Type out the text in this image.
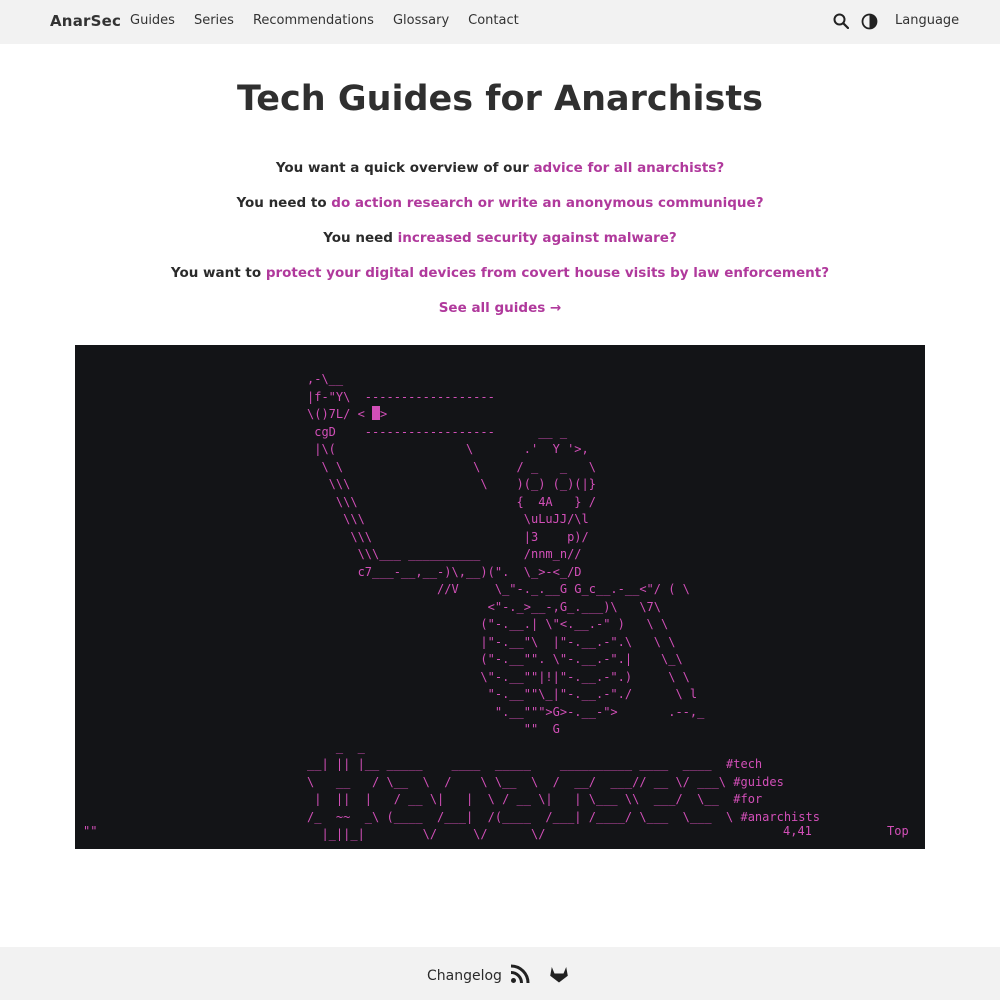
AnarSec Guides Series Recommendations Glossary Contact	Language
Tech Guides for Anarchists
You want a quick overview of our advice for all anarchists?
You need to do action research or write an anonymous communique?
You need increased security against malware?
You want to protect your digital devices from covert house visits by law enforcement?
See all guides →
,-\__
|f-"Y\  ------------------
\()7L/ < >
cgD    ------------------      __ _
|\(                  \       .'  Y '>,
\ \                  \     / _   _   \
\\\                  \    )(_) (_)(|}
\\\                      {  4A   } /
\\\                      \uLuJJ/\l
\\\                     |3    p)/
\\\___ __________      /nnm_n//
c7___-__,__-)\,__)(".  \_>-<_/D
//V     \_"-._.__G G_c__.-__<"/ ( \
<"-._>__-,G_.___)\   \7\
("-.__.| \"<.__.-" )   \ \
|"-.__"\  |"-.__.-".\   \ \
("-.__"". \"-.__.-".|    \_\
\"-.__""|!|"-.__.-".)     \ \
"-.__""\_|"-.__.-"./      \ l
".__""">G>-.__-">       .--,_
""  G
_  _
__| || |__ _____    ____  _____    __________ ____  ____  #tech
\   __   / \__  \  /    \ \__  \  /  __/  ___// __ \/ ___\ #guides
|  ||  |   / __ \|   |  \ / __ \|   | \___ \\  ___/  \__  #for
/_  ~~  _\ (____  /___|  /(____  /___| /____/ \___  \___  \ #anarchists
|_||_|        \/     \/      \/
""	4,41	Top
Changelog
